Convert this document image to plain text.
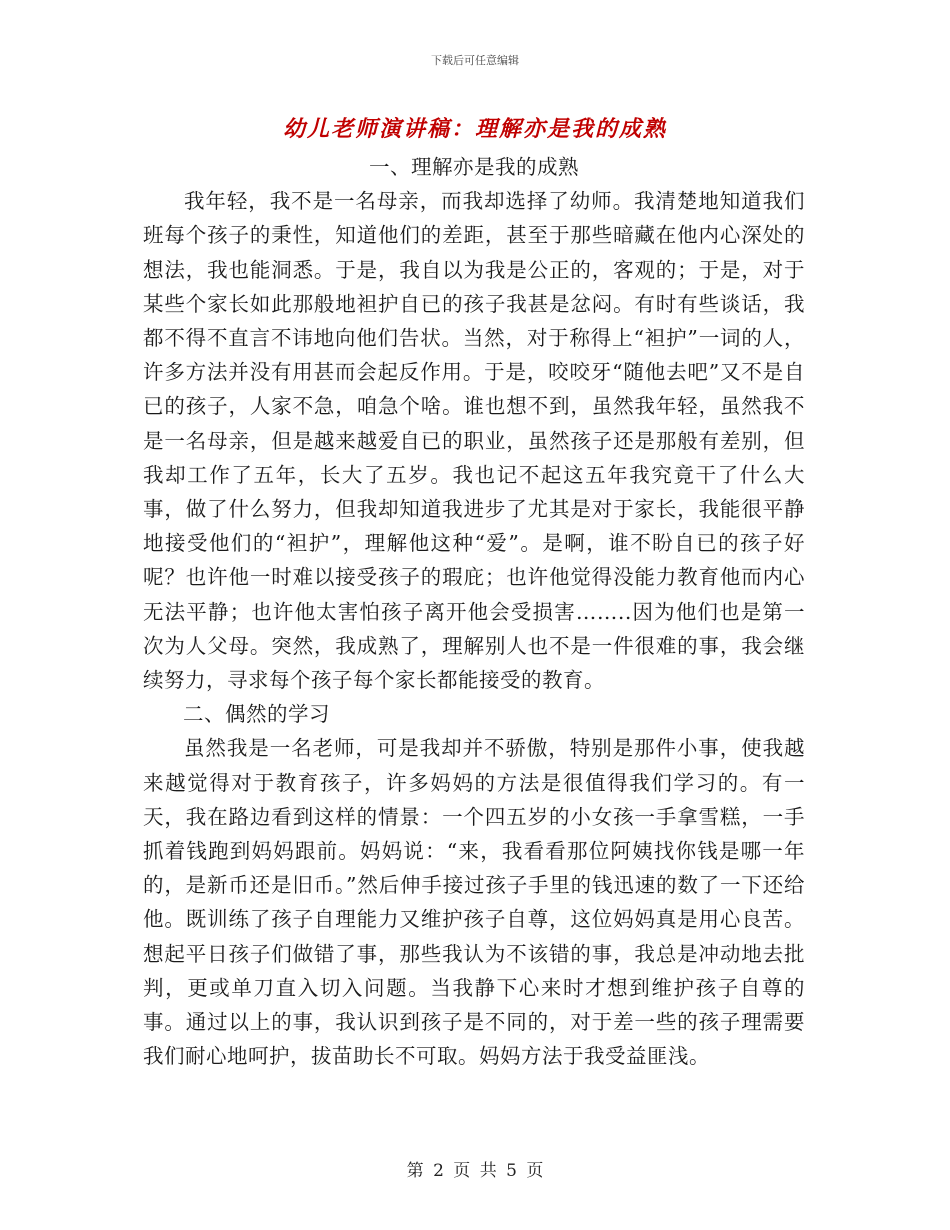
下载后可任意编辑
幼儿老师演讲稿：理解亦是我的成熟

一、理解亦是我的成熟

我年轻，我不是一名母亲，而我却选择了幼师。我清楚地知道我们班每个孩子的秉性，知道他们的差距，甚至于那些暗藏在他内心深处的想法，我也能洞悉。于是，我自以为我是公正的，客观的；于是，对于某些个家长如此那般地袒护自已的孩子我甚是忿闷。有时有些谈话，我都不得不直言不讳地向他们告状。当然，对于称得上“袒护”一词的人，许多方法并没有用甚而会起反作用。于是，咬咬牙“随他去吧”又不是自已的孩子，人家不急，咱急个啥。谁也想不到，虽然我年轻，虽然我不是一名母亲，但是越来越爱自已的职业，虽然孩子还是那般有差别，但我却工作了五年，长大了五岁。我也记不起这五年我究竟干了什么大事，做了什么努力，但我却知道我进步了尤其是对于家长，我能很平静地接受他们的“袒护”，理解他这种“爱”。是啊，谁不盼自已的孩子好呢？也许他一时难以接受孩子的瑕庇；也许他觉得没能力教育他而内心无法平静；也许他太害怕孩子离开他会受损害……..因为他们也是第一次为人父母。突然，我成熟了，理解别人也不是一件很难的事，我会继续努力，寻求每个孩子每个家长都能接受的教育。

二、偶然的学习

虽然我是一名老师，可是我却并不骄傲，特别是那件小事，使我越来越觉得对于教育孩子，许多妈妈的方法是很值得我们学习的。有一天，我在路边看到这样的情景：一个四五岁的小女孩一手拿雪糕，一手抓着钱跑到妈妈跟前。妈妈说：“来，我看看那位阿姨找你钱是哪一年的，是新币还是旧币。”然后伸手接过孩子手里的钱迅速的数了一下还给他。既训练了孩子自理能力又维护孩子自尊，这位妈妈真是用心良苦。想起平日孩子们做错了事，那些我认为不该错的事，我总是冲动地去批判，更或单刀直入切入问题。当我静下心来时才想到维护孩子自尊的事。通过以上的事，我认识到孩子是不同的，对于差一些的孩子理需要我们耐心地呵护，拔苗助长不可取。妈妈方法于我受益匪浅。

第 2 页 共 5 页
